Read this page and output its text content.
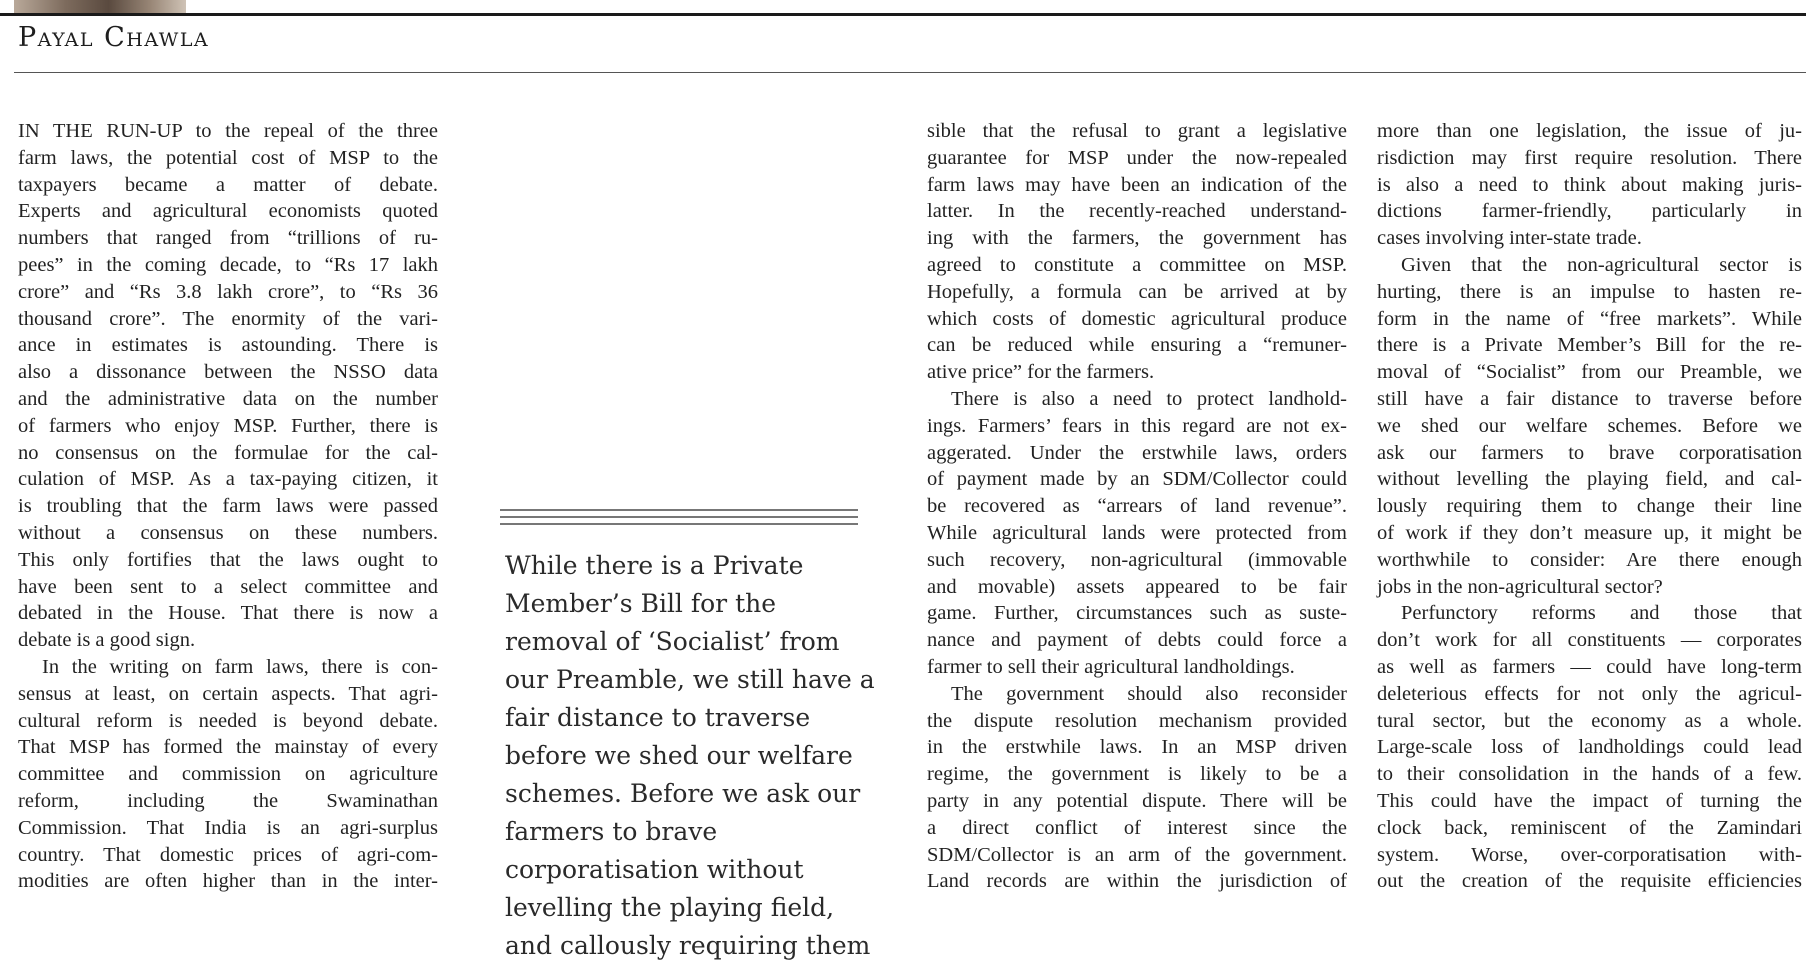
Payal Chawla
IN THE RUN-UP to the repeal of the three
farm laws, the potential cost of MSP to the
taxpayers became a matter of debate.
Experts and agricultural economists quoted
numbers that ranged from “trillions of ru-
pees” in the coming decade, to “Rs 17 lakh
crore” and “Rs 3.8 lakh crore”, to “Rs 36
thousand crore”. The enormity of the vari-
ance in estimates is astounding. There is
also a dissonance between the NSSO data
and the administrative data on the number
of farmers who enjoy MSP. Further, there is
no consensus on the formulae for the cal-
culation of MSP. As a tax-paying citizen, it
is troubling that the farm laws were passed
without a consensus on these numbers.
This only fortifies that the laws ought to
have been sent to a select committee and
debated in the House. That there is now a
debate is a good sign.
In the writing on farm laws, there is con-
sensus at least, on certain aspects. That agri-
cultural reform is needed is beyond debate.
That MSP has formed the mainstay of every
committee and commission on agriculture
reform, including the Swaminathan
Commission. That India is an agri-surplus
country. That domestic prices of agri-com-
modities are often higher than in the inter-
While there is a Private
Member’s Bill for the
removal of ‘Socialist’ from
our Preamble, we still have a
fair distance to traverse
before we shed our welfare
schemes. Before we ask our
farmers to brave
corporatisation without
levelling the playing field,
and callously requiring them
sible that the refusal to grant a legislative
guarantee for MSP under the now-repealed
farm laws may have been an indication of the
latter. In the recently-reached understand-
ing with the farmers, the government has
agreed to constitute a committee on MSP.
Hopefully, a formula can be arrived at by
which costs of domestic agricultural produce
can be reduced while ensuring a “remuner-
ative price” for the farmers.
There is also a need to protect landhold-
ings. Farmers’ fears in this regard are not ex-
aggerated. Under the erstwhile laws, orders
of payment made by an SDM/Collector could
be recovered as “arrears of land revenue”.
While agricultural lands were protected from
such recovery, non-agricultural (immovable
and movable) assets appeared to be fair
game. Further, circumstances such as suste-
nance and payment of debts could force a
farmer to sell their agricultural landholdings.
The government should also reconsider
the dispute resolution mechanism provided
in the erstwhile laws. In an MSP driven
regime, the government is likely to be a
party in any potential dispute. There will be
a direct conflict of interest since the
SDM/Collector is an arm of the government.
Land records are within the jurisdiction of
more than one legislation, the issue of ju-
risdiction may first require resolution. There
is also a need to think about making juris-
dictions farmer-friendly, particularly in
cases involving inter-state trade.
Given that the non-agricultural sector is
hurting, there is an impulse to hasten re-
form in the name of “free markets”. While
there is a Private Member’s Bill for the re-
moval of “Socialist” from our Preamble, we
still have a fair distance to traverse before
we shed our welfare schemes. Before we
ask our farmers to brave corporatisation
without levelling the playing field, and cal-
lously requiring them to change their line
of work if they don’t measure up, it might be
worthwhile to consider: Are there enough
jobs in the non-agricultural sector?
Perfunctory reforms and those that
don’t work for all constituents — corporates
as well as farmers — could have long-term
deleterious effects for not only the agricul-
tural sector, but the economy as a whole.
Large-scale loss of landholdings could lead
to their consolidation in the hands of a few.
This could have the impact of turning the
clock back, reminiscent of the Zamindari
system. Worse, over-corporatisation with-
out the creation of the requisite efficiencies
